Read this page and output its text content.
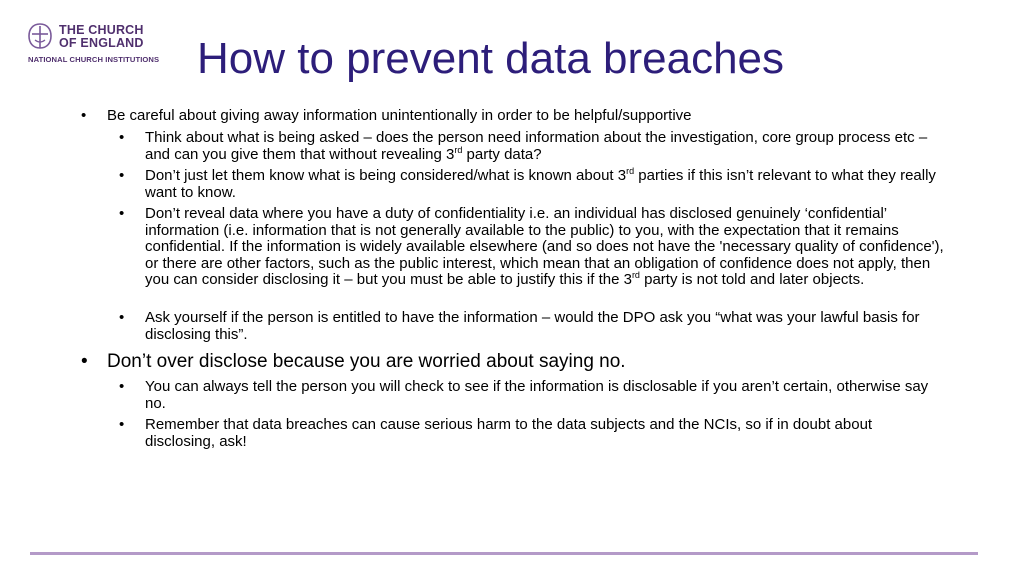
THE CHURCH
OF ENGLAND
NATIONAL CHURCH INSTITUTIONS How to prevent data breaches
• Be careful about giving away information unintentionally in order to be helpful/supportive
• Think about what is being asked – does the person need information about the investigation, core group process etc – and can you give them that without revealing 3rd party data?
• Don’t just let them know what is being considered/what is known about 3rd parties if this isn’t relevant to what they really want to know.
• Don’t reveal data where you have a duty of confidentiality i.e. an individual has disclosed genuinely ‘confidential’ information (i.e. information that is not generally available to the public) to you, with the expectation that it remains confidential. If the information is widely available elsewhere (and so does not have the 'necessary quality of confidence'), or there are other factors, such as the public interest, which mean that an obligation of confidence does not apply, then you can consider disclosing it – but you must be able to justify this if the 3rd party is not told and later objects.
• Ask yourself if the person is entitled to have the information – would the DPO ask you “what was your lawful basis for disclosing this”.
• Don’t over disclose because you are worried about saying no.
• You can always tell the person you will check to see if the information is disclosable if you aren’t certain, otherwise say no.
• Remember that data breaches can cause serious harm to the data subjects and the NCIs, so if in doubt about disclosing, ask!
